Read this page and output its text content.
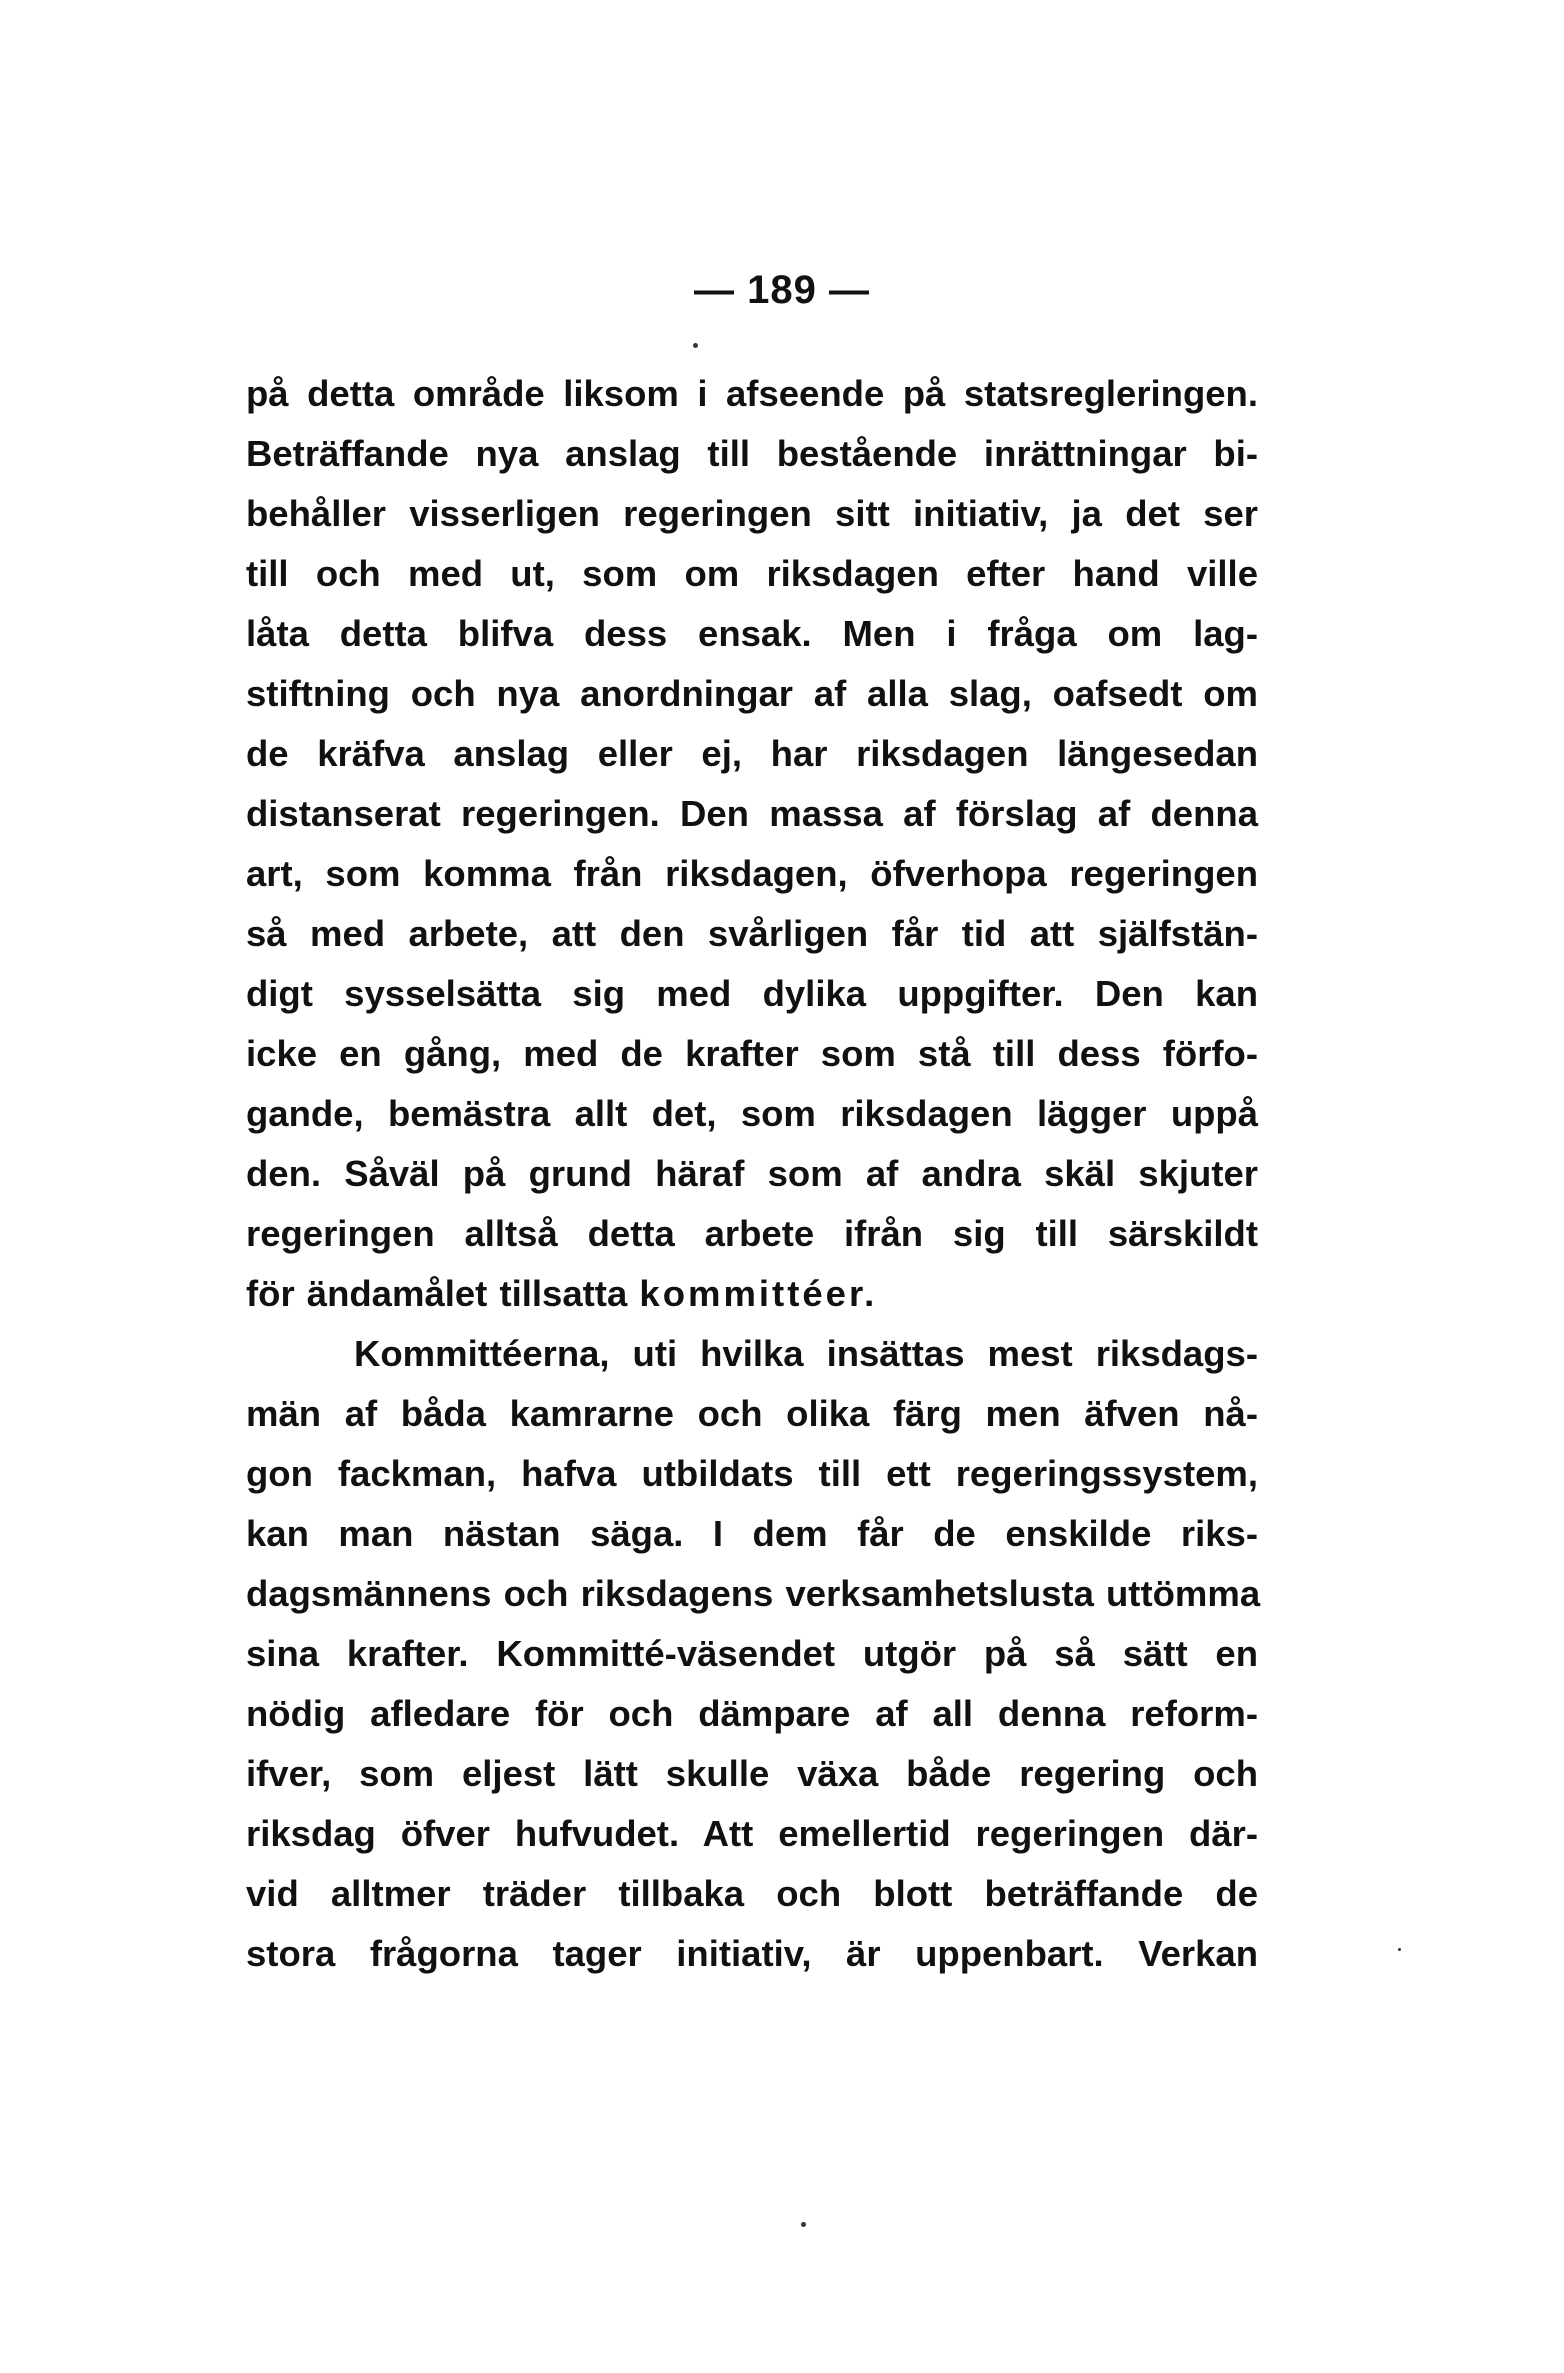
— 189 —
på detta område liksom i afseende på statsregleringen.
Beträffande nya anslag till bestående inrättningar bi-
behåller visserligen regeringen sitt initiativ, ja det ser
till och med ut, som om riksdagen efter hand ville
låta detta blifva dess ensak. Men i fråga om lag-
stiftning och nya anordningar af alla slag, oafsedt om
de kräfva anslag eller ej, har riksdagen längesedan
distanserat regeringen. Den massa af förslag af denna
art, som komma från riksdagen, öfverhopa regeringen
så med arbete, att den svårligen får tid att själfstän-
digt sysselsätta sig med dylika uppgifter. Den kan
icke en gång, med de krafter som stå till dess förfo-
gande, bemästra allt det, som riksdagen lägger uppå
den. Såväl på grund häraf som af andra skäl skjuter
regeringen alltså detta arbete ifrån sig till särskildt
för ändamålet tillsatta kommittéer.
Kommittéerna, uti hvilka insättas mest riksdags-
män af båda kamrarne och olika färg men äfven nå-
gon fackman, hafva utbildats till ett regeringssystem,
kan man nästan säga. I dem får de enskilde riks-
dagsmännens och riksdagens verksamhetslusta uttömma
sina krafter. Kommitté-väsendet utgör på så sätt en
nödig afledare för och dämpare af all denna reform-
ifver, som eljest lätt skulle växa både regering och
riksdag öfver hufvudet. Att emellertid regeringen där-
vid alltmer träder tillbaka och blott beträffande de
stora frågorna tager initiativ, är uppenbart. Verkan
